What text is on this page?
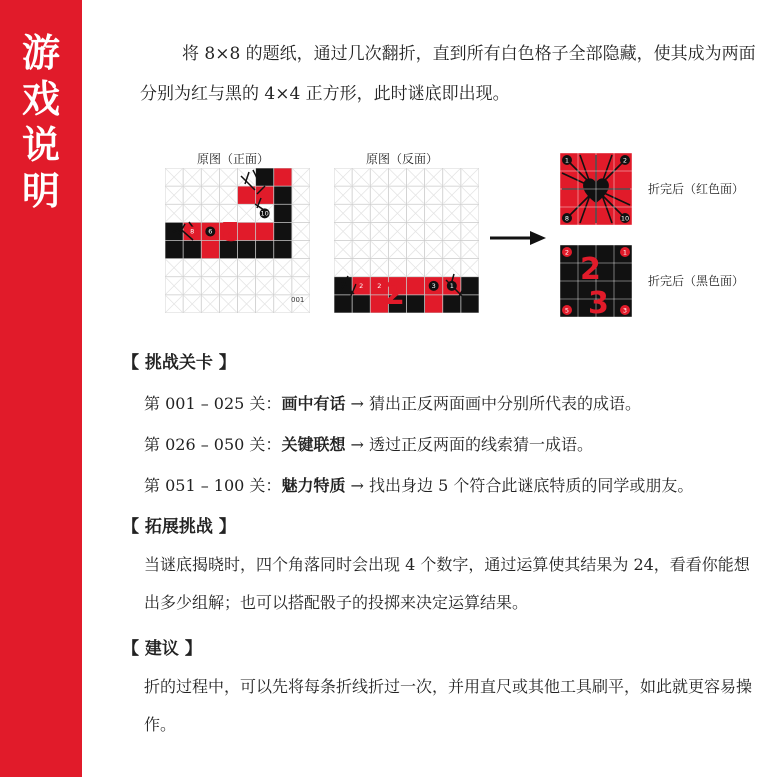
游
戏
说
明

将 8×8 的题纸，通过几次翻折，直到所有白色格子全部隐藏，使其成为两面分别为红与黑的 4×4 正方形，此时谜底即出现。

原图（正面）	原图（反面）
折完后（红色面）
折完后（黑色面）
2
8 6
10
001	2
2 2	3 1
1	2
8	10
2
3
2	1
5	3
【 挑战关卡 】
第 001 – 025 关：画中有话 → 猜出正反两面画中分别所代表的成语。
第 026 – 050 关：关键联想 → 透过正反两面的线索猜一成语。
第 051 – 100 关：魅力特质 → 找出身边 5 个符合此谜底特质的同学或朋友。
【 拓展挑战 】

当谜底揭晓时，四个角落同时会出现 4 个数字，通过运算使其结果为 24，看看你能想出多少组解；也可以搭配骰子的投掷来决定运算结果。

【 建议 】

折的过程中，可以先将每条折线折过一次，并用直尺或其他工具刷平，如此就更容易操作。
